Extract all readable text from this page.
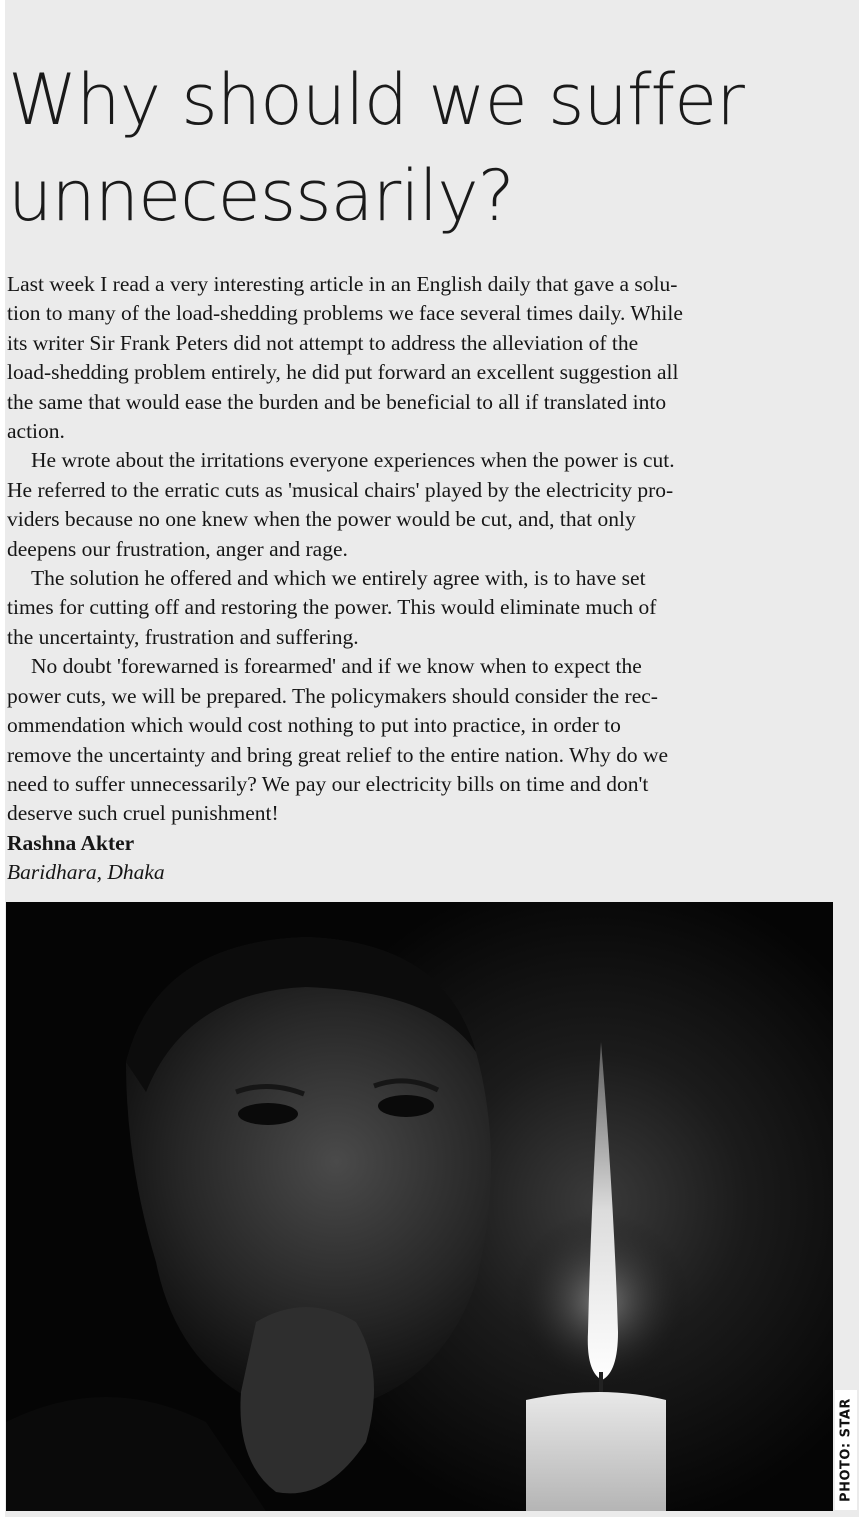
Why should we suffer
unnecessarily?

Last week I read a very interesting article in an English daily that gave a solu-
tion to many of the load-shedding problems we face several times daily. While
its writer Sir Frank Peters did not attempt to address the alleviation of the
load-shedding problem entirely, he did put forward an excellent suggestion all
the same that would ease the burden and be beneficial to all if translated into
action.

He wrote about the irritations everyone experiences when the power is cut.
He referred to the erratic cuts as 'musical chairs' played by the electricity pro-
viders because no one knew when the power would be cut, and, that only
deepens our frustration, anger and rage.

The solution he offered and which we entirely agree with, is to have set
times for cutting off and restoring the power. This would eliminate much of
the uncertainty, frustration and suffering.

No doubt 'forewarned is forearmed' and if we know when to expect the
power cuts, we will be prepared. The policymakers should consider the rec-
ommendation which would cost nothing to put into practice, in order to
remove the uncertainty and bring great relief to the entire nation. Why do we
need to suffer unnecessarily? We pay our electricity bills on time and don't
deserve such cruel punishment!

Rashna Akter
Baridhara, Dhaka

PHOTO: STAR
